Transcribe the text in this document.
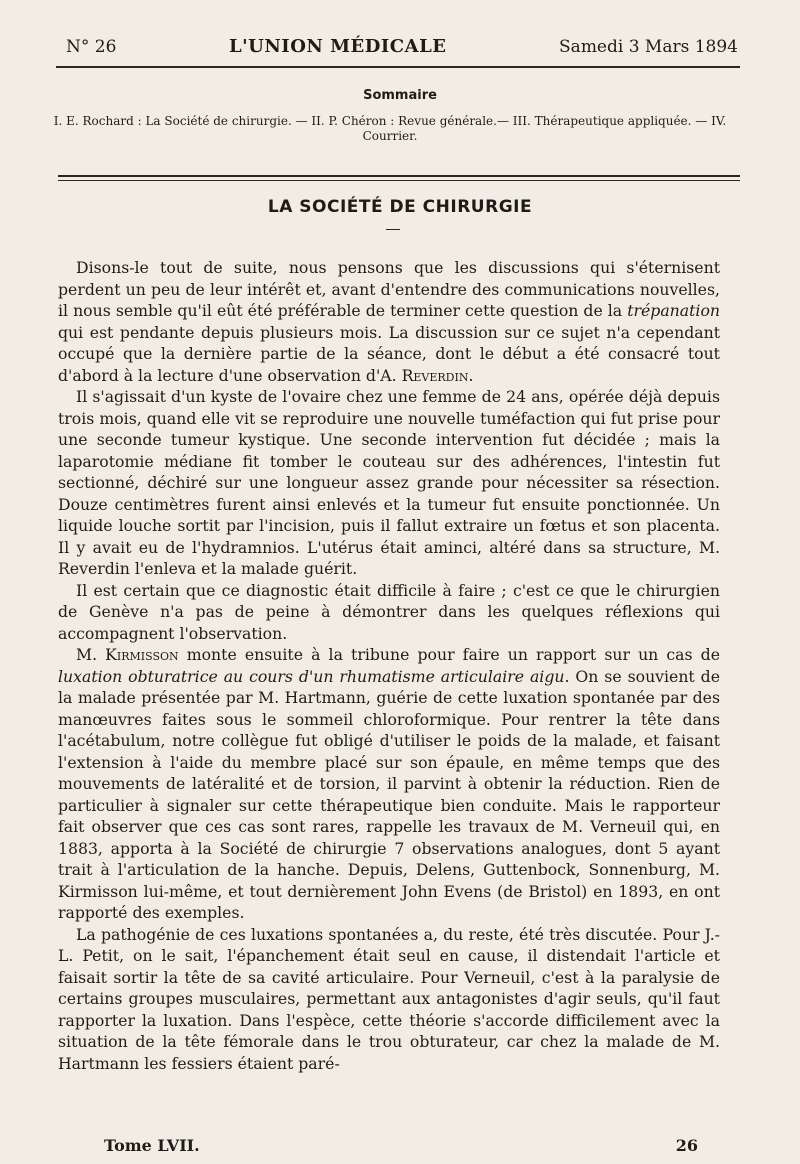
N° 26	L'UNION MÉDICALE	Samedi 3 Mars 1894
Sommaire
I. E. Rochard : La Société de chirurgie. — II. P. Chéron : Revue générale.— III. Thérapeutique appliquée. — IV. Courrier.
LA SOCIÉTÉ DE CHIRURGIE

Disons-le tout de suite, nous pensons que les discussions qui s'éternisent perdent un peu de leur intérêt et, avant d'entendre des communications nouvelles, il nous semble qu'il eût été préférable de terminer cette question de la trépanation qui est pendante depuis plusieurs mois. La discussion sur ce sujet n'a cependant occupé que la dernière partie de la séance, dont le début a été consacré tout d'abord à la lecture d'une observation d'A. Reverdin.

Il s'agissait d'un kyste de l'ovaire chez une femme de 24 ans, opérée déjà depuis trois mois, quand elle vit se reproduire une nouvelle tuméfaction qui fut prise pour une seconde tumeur kystique. Une seconde intervention fut décidée ; mais la laparotomie médiane fit tomber le couteau sur des adhérences, l'intestin fut sectionné, déchiré sur une longueur assez grande pour nécessiter sa résection. Douze centimètres furent ainsi enlevés et la tumeur fut ensuite ponctionnée. Un liquide louche sortit par l'incision, puis il fallut extraire un fœtus et son placenta. Il y avait eu de l'hydramnios. L'utérus était aminci, altéré dans sa structure, M. Reverdin l'enleva et la malade guérit.

Il est certain que ce diagnostic était difficile à faire ; c'est ce que le chirurgien de Genève n'a pas de peine à démontrer dans les quelques réflexions qui accompagnent l'observation.

M. Kirmisson monte ensuite à la tribune pour faire un rapport sur un cas de luxation obturatrice au cours d'un rhumatisme articulaire aigu. On se souvient de la malade présentée par M. Hartmann, guérie de cette luxation spontanée par des manœuvres faites sous le sommeil chloroformique. Pour rentrer la tête dans l'acétabulum, notre collègue fut obligé d'utiliser le poids de la malade, et faisant l'extension à l'aide du membre placé sur son épaule, en même temps que des mouvements de latéralité et de torsion, il parvint à obtenir la réduction. Rien de particulier à signaler sur cette thérapeutique bien conduite. Mais le rapporteur fait observer que ces cas sont rares, rappelle les travaux de M. Verneuil qui, en 1883, apporta à la Société de chirurgie 7 observations analogues, dont 5 ayant trait à l'articulation de la hanche. Depuis, Delens, Guttenbock, Sonnenburg, M. Kirmisson lui-même, et tout dernièrement John Evens (de Bristol) en 1893, en ont rapporté des exemples.

La pathogénie de ces luxations spontanées a, du reste, été très discutée. Pour J.-L. Petit, on le sait, l'épanchement était seul en cause, il distendait l'article et faisait sortir la tête de sa cavité articulaire. Pour Verneuil, c'est à la paralysie de certains groupes musculaires, permettant aux antagonistes d'agir seuls, qu'il faut rapporter la luxation. Dans l'espèce, cette théorie s'accorde difficilement avec la situation de la tête fémorale dans le trou obturateur, car chez la malade de M. Hartmann les fessiers étaient paré-

Tome LVII.	26
